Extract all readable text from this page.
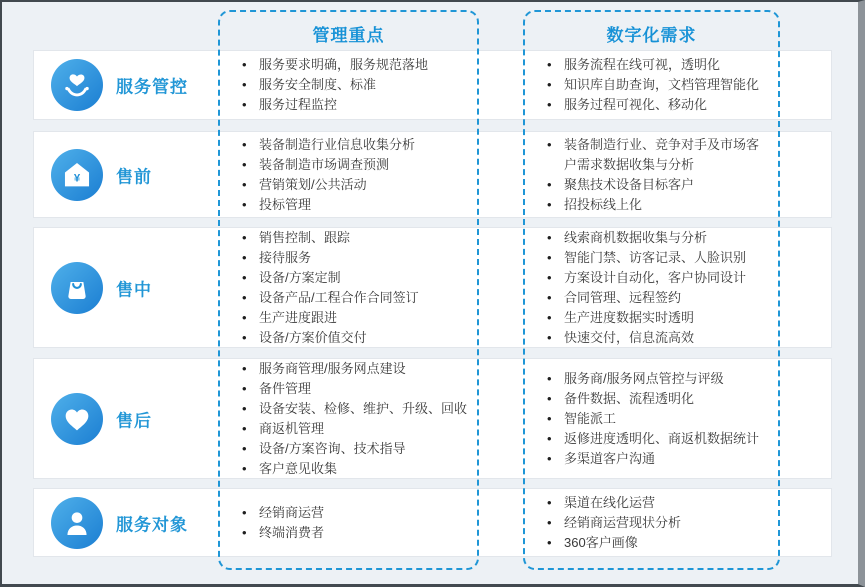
服务管控
• 服务要求明确，服务规范落地
• 服务安全制度、标准
• 服务过程监控
• 服务流程在线可视，透明化
• 知识库自助查询，文档管理智能化
• 服务过程可视化、移动化
¥ 售前
• 装备制造行业信息收集分析
• 装备制造市场调查预测
• 营销策划/公共活动
• 投标管理
• 装备制造行业、竞争对手及市场客户需求数据收集与分析
• 聚焦技术设备目标客户
• 招投标线上化
售中
• 销售控制、跟踪
• 接待服务
• 设备/方案定制
• 设备产品/工程合作合同签订
• 生产进度跟进
• 设备/方案价值交付
• 线索商机数据收集与分析
• 智能门禁、访客记录、人脸识别
• 方案设计自动化，客户协同设计
• 合同管理、远程签约
• 生产进度数据实时透明
• 快速交付，信息流高效
售后
• 服务商管理/服务网点建设
• 备件管理
• 设备安装、检修、维护、升级、回收
• 商返机管理
• 设备/方案咨询、技术指导
• 客户意见收集
• 服务商/服务网点管控与评级
• 备件数据、流程透明化
• 智能派工
• 返修进度透明化、商返机数据统计
• 多渠道客户沟通
服务对象
• 经销商运营
• 终端消费者
• 渠道在线化运营
• 经销商运营现状分析
• 360客户画像
管理重点	数字化需求
